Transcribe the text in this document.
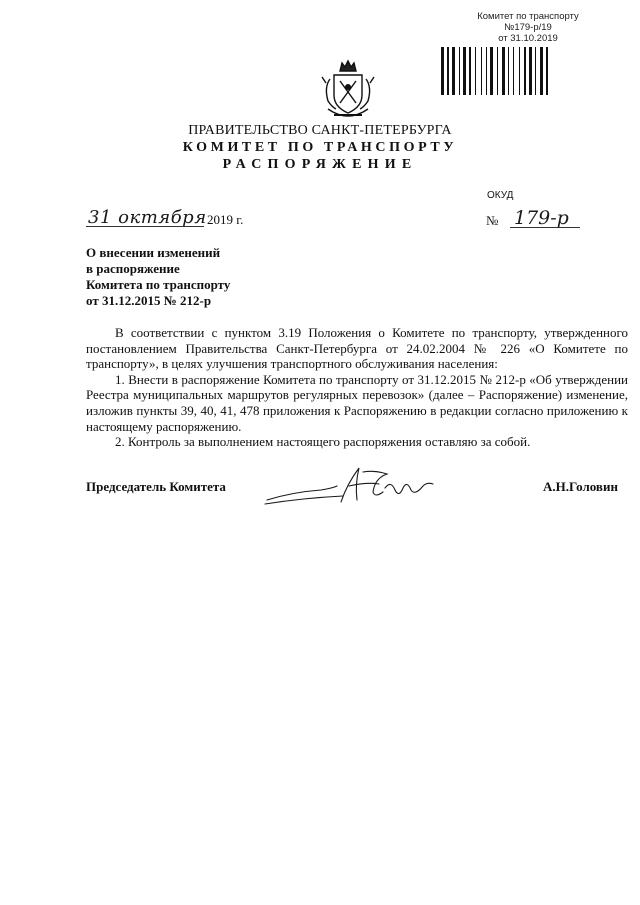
Комитет по транспорту
№179-р/19
от 31.10.2019
ПРАВИТЕЛЬСТВО САНКТ-ПЕТЕРБУРГА
КОМИТЕТ ПО ТРАНСПОРТУ
РАСПОРЯЖЕНИЕ
ОКУД
31 октября 2019 г.	№ 179-р
О внесении изменений
в распоряжение
Комитета по транспорту
от 31.12.2015 № 212-р

В соответствии с пунктом 3.19 Положения о Комитете по транспорту, утвержденного постановлением Правительства Санкт-Петербурга от 24.02.2004 № 226 «О Комитете по транспорту», в целях улучшения транспортного обслуживания населения:

1. Внести в распоряжение Комитета по транспорту от 31.12.2015 № 212-р «Об утверждении Реестра муниципальных маршрутов регулярных перевозок» (далее – Распоряжение) изменение, изложив пункты 39, 40, 41, 478 приложения к Распоряжению в редакции согласно приложению к настоящему распоряжению.

2. Контроль за выполнением настоящего распоряжения оставляю за собой.

Председатель Комитета	А.Н.Головин
